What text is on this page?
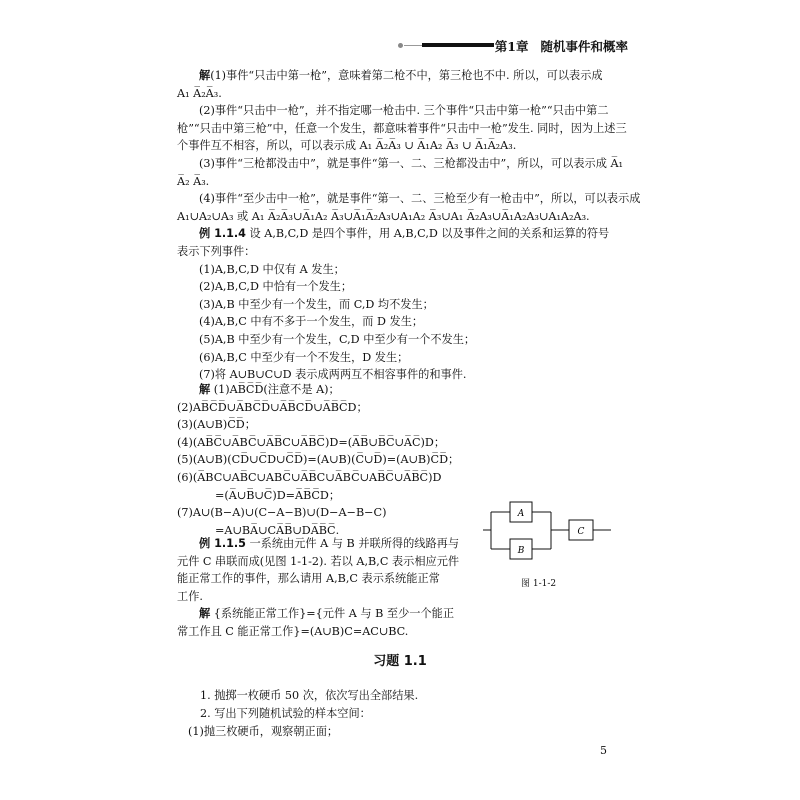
第1章 随机事件和概率
解(1)事件“只击中第一枪”，意味着第二枪不中，第三枪也不中. 所以，可以表示成
A₁ A̅₂A̅₃.
(2)事件“只击中一枪”，并不指定哪一枪击中. 三个事件“只击中第一枪”“只击中第二
枪”“只击中第三枪”中，任意一个发生，都意味着事件“只击中一枪”发生. 同时，因为上述三
个事件互不相容，所以，可以表示成 A₁ A̅₂A̅₃ ∪ A̅₁A₂ A̅₃ ∪ A̅₁A̅₂A₃.
(3)事件“三枪都没击中”，就是事件“第一、二、三枪都没击中”，所以，可以表示成 A̅₁
A̅₂ A̅₃.
(4)事件“至少击中一枪”，就是事件“第一、二、三枪至少有一枪击中”，所以，可以表示成
A₁∪A₂∪A₃ 或 A₁ A̅₂A̅₃∪A̅₁A₂ A̅₃∪A̅₁A̅₂A₃∪A₁A₂ A̅₃∪A₁ A̅₂A₃∪A̅₁A₂A₃∪A₁A₂A₃.
例 1.1.4 设 A,B,C,D 是四个事件，用 A,B,C,D 以及事件之间的关系和运算的符号
表示下列事件：
(1)A,B,C,D 中仅有 A 发生；
(2)A,B,C,D 中恰有一个发生；
(3)A,B 中至少有一个发生，而 C,D 均不发生；
(4)A,B,C 中有不多于一个发生，而 D 发生；
(5)A,B 中至少有一个发生，C,D 中至少有一个不发生；
(6)A,B,C 中至少有一个不发生，D 发生；
(7)将 A∪B∪C∪D 表示成两两互不相容事件的和事件.
解 (1)AB̅C̅D̅(注意不是 A)；
(2)AB̅C̅D̅∪A̅BC̅D̅∪A̅B̅CD̅∪A̅B̅C̅D；
(3)(A∪B)C̅D̅；
(4)(AB̅C̅∪A̅BC̅∪A̅B̅C∪A̅B̅C̅)D=(A̅B̅∪B̅C̅∪A̅C̅)D；
(5)(A∪B)(CD̅∪C̅D∪C̅D̅)=(A∪B)(C̅∪D̅)=(A∪B)C̅D̅；
(6)(A̅BC∪AB̅C∪ABC̅∪A̅B̅C∪A̅BC̅∪AB̅C̅∪A̅B̅C̅)D
=(A̅∪B̅∪C̅)D=A̅B̅C̅D；
(7)A∪(B−A)∪(C−A−B)∪(D−A−B−C)
=A∪BA̅∪CA̅B̅∪DA̅B̅C̅.
例 1.1.5 一系统由元件 A 与 B 并联所得的线路再与
元件 C 串联而成(见图 1-1-2). 若以 A,B,C 表示相应元件
能正常工作的事件，那么请用 A,B,C 表示系统能正常
工作.
解 {系统能正常工作}={元件 A 与 B 至少一个能正
常工作且 C 能正常工作}=(A∪B)C=AC∪BC.
A
B
C
图 1-1-2
习题 1.1
1. 抛掷一枚硬币 50 次，依次写出全部结果.
2. 写出下列随机试验的样本空间：
(1)抛三枚硬币，观察朝正面；
5
